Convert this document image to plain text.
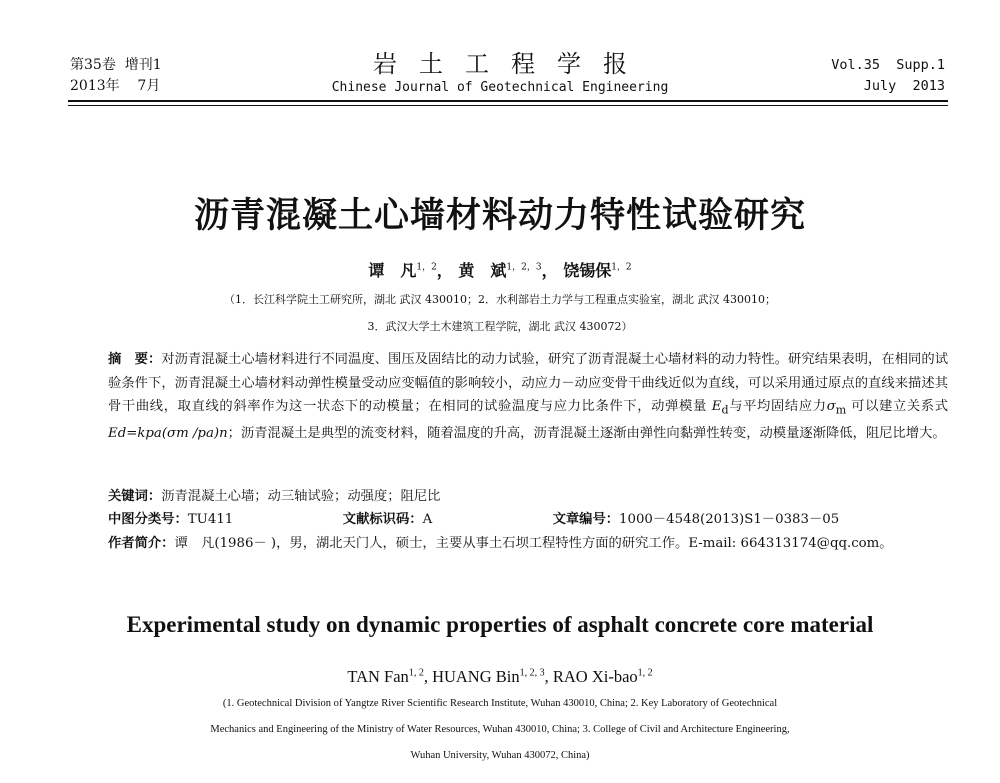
第35卷  增刊1
2013年    7月
岩土工程学报
Chinese Journal of Geotechnical Engineering
Vol.35  Supp.1
July  2013
沥青混凝土心墙材料动力特性试验研究
谭　凡$^{1,2}$， 黄　斌$^{1,2,3}$， 饶锡保$^{1,2}$
（1．长江科学院土工研究所，湖北 武汉 430010；2．水利部岩土力学与工程重点实验室，湖北 武汉 430010；
3．武汉大学土木建筑工程学院，湖北 武汉 430072）
摘　要：对沥青混凝土心墙材料进行不同温度、围压及固结比的动力试验，研究了沥青混凝土心墙材料的动力特性。研究结果表明，在相同的试验条件下，沥青混凝土心墙材料动弹性模量受动应变幅值的影响较小，动应力－动应变骨干曲线近似为直线，可以采用通过原点的直线来描述其骨干曲线，取直线的斜率作为这一状态下的动模量；在相同的试验温度与应力比条件下，动弹模量 $E_d$与平均固结应力$\sigma_m$ 可以建立关系式 Ed=kpa(σm /pa)n；沥青混凝土是典型的流变材料，随着温度的升高，沥青混凝土逐渐由弹性向黏弹性转变，动模量逐渐降低，阻尼比增大。
关键词：沥青混凝土心墙；动三轴试验；动强度；阻尼比
中图分类号： TU411	文献标识码： A	文章编号： 1000－4548(2013)S1－0383－05
作者简介：谭　凡(1986－ )，男，湖北天门人，硕士，主要从事土石坝工程特性方面的研究工作。E-mail: 664313174@qq.com。
Experimental study on dynamic properties of asphalt concrete core material
TAN Fan$^{1, 2}$, HUANG Bin$^{1, 2, 3}$, RAO Xi-bao$^{1, 2}$
(1. Geotechnical Division of Yangtze River Scientific Research Institute, Wuhan 430010, China; 2. Key Laboratory of Geotechnical
Mechanics and Engineering of the Ministry of Water Resources, Wuhan 430010, China; 3. College of Civil and Architecture Engineering,
Wuhan University, Wuhan 430072, China)
